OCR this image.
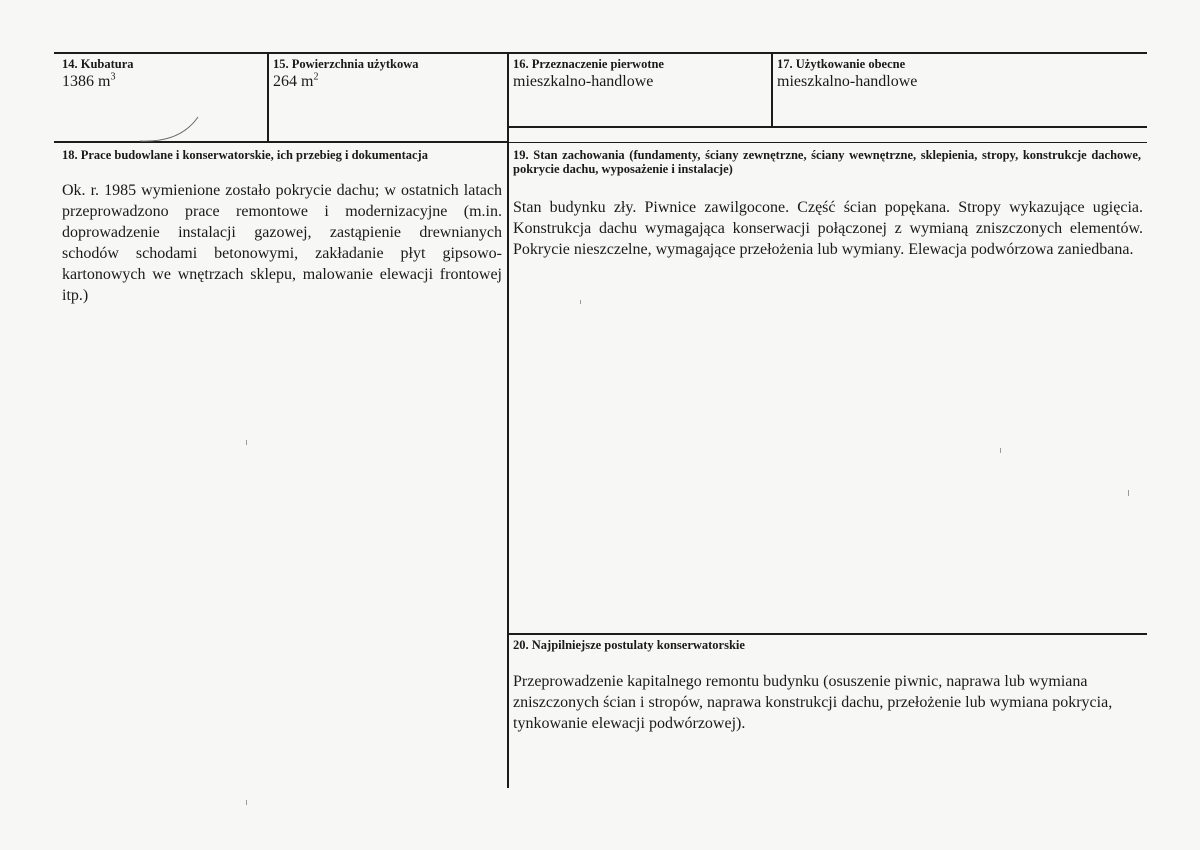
14. Kubatura
1386 $m^3$
15. Powierzchnia użytkowa
264 $m^2$
16. Przeznaczenie pierwotne
mieszkalno-handlowe
17. Użytkowanie obecne
mieszkalno-handlowe
18. Prace budowlane i konserwatorskie, ich przebieg i dokumentacja
Ok. r. 1985 wymienione zostało pokrycie dachu; w ostatnich latach przeprowadzono prace remontowe i modernizacyjne (m.in. doprowadzenie instalacji gazowej, zastąpienie drewnianych schodów schodami betonowymi, zakładanie płyt gipsowo-kartonowych we wnętrzach sklepu, malowanie elewacji frontowej itp.)
19. Stan zachowania (fundamenty, ściany zewnętrzne, ściany wewnętrzne, sklepienia, stropy, konstrukcje dachowe, pokrycie dachu, wyposażenie i instalacje)
Stan budynku zły. Piwnice zawilgocone. Część ścian popękana. Stropy wykazujące ugięcia. Konstrukcja dachu wymagająca konserwacji połączonej z wymianą zniszczonych elementów. Pokrycie nieszczelne, wymagające przełożenia lub wymiany. Elewacja podwórzowa zaniedbana.
20. Najpilniejsze postulaty konserwatorskie
Przeprowadzenie kapitalnego remontu budynku (osuszenie piwnic, naprawa lub wymiana zniszczonych ścian i stropów, naprawa konstrukcji dachu, przełożenie lub wymiana pokrycia, tynkowanie elewacji podwórzowej).
